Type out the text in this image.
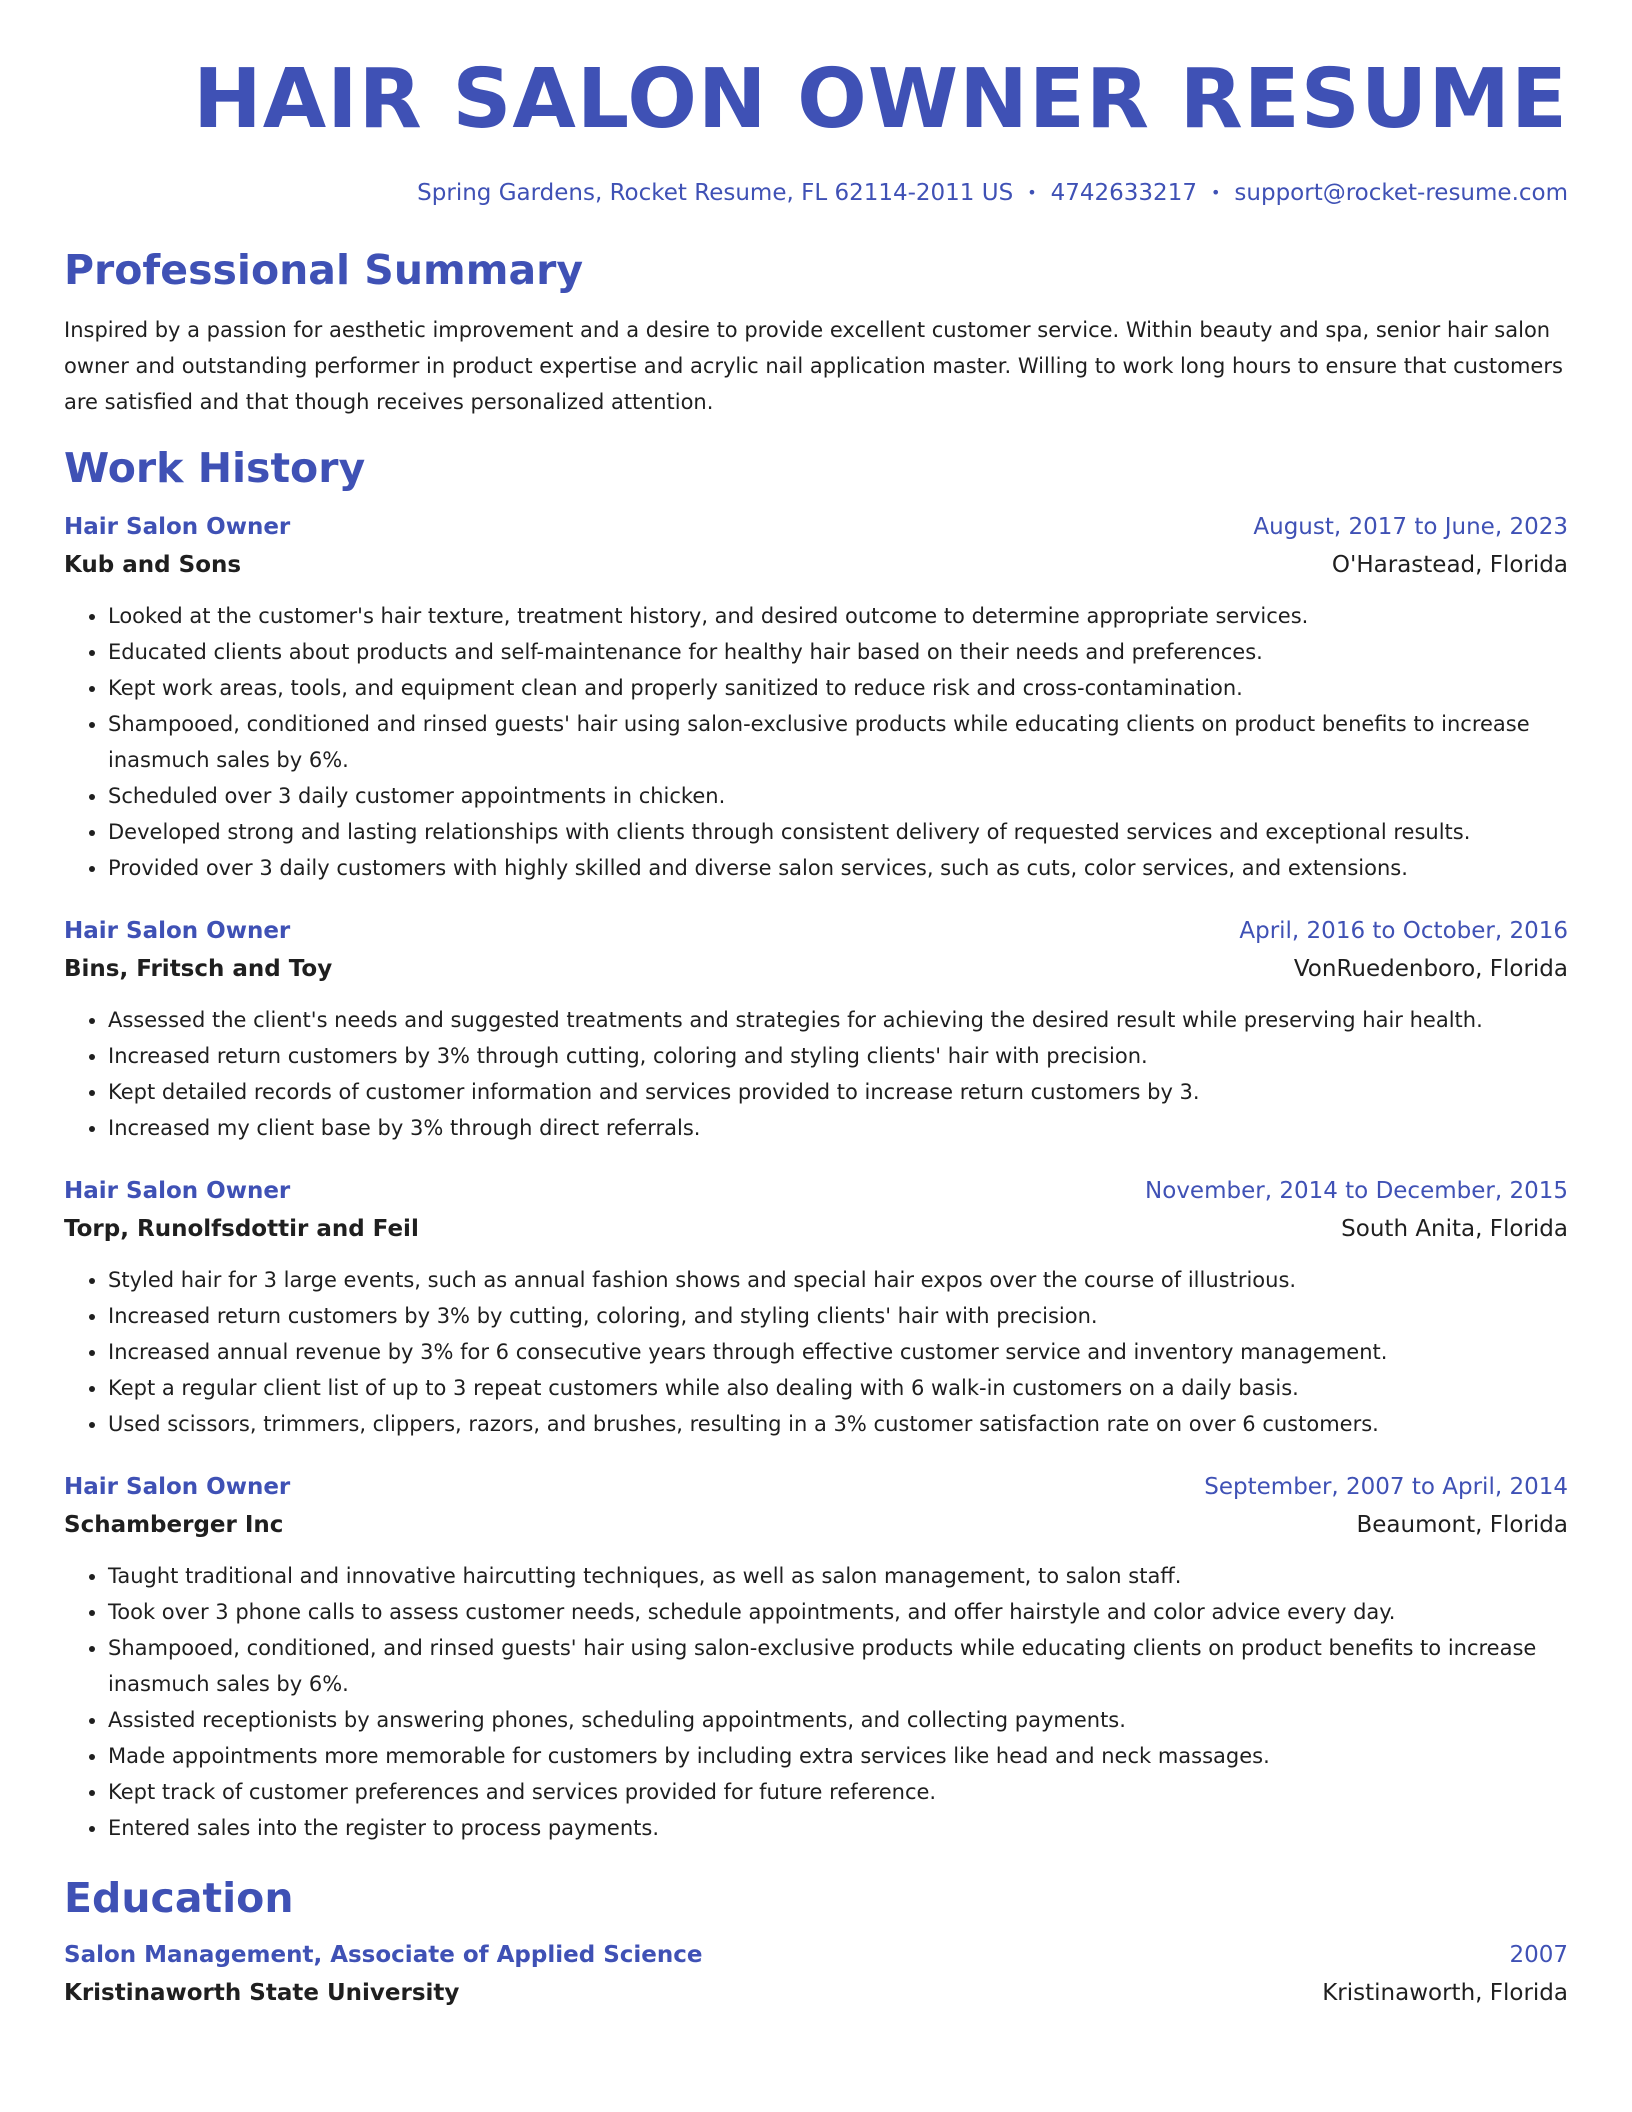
HAIR SALON OWNER RESUME
Spring Gardens, Rocket Resume, FL 62114-2011 US • 4742633217 • support@rocket-resume.com
Professional Summary

Inspired by a passion for aesthetic improvement and a desire to provide excellent customer service. Within beauty and spa, senior hair salon owner and outstanding performer in product expertise and acrylic nail application master. Willing to work long hours to ensure that customers are satisfied and that though receives personalized attention.

Work History
Hair Salon Owner	August, 2017 to June, 2023
Kub and Sons	O'Harastead, Florida
• Looked at the customer's hair texture, treatment history, and desired outcome to determine appropriate services.
• Educated clients about products and self-maintenance for healthy hair based on their needs and preferences.
• Kept work areas, tools, and equipment clean and properly sanitized to reduce risk and cross-contamination.
• Shampooed, conditioned and rinsed guests' hair using salon-exclusive products while educating clients on product benefits to increase inasmuch sales by 6%.
• Scheduled over 3 daily customer appointments in chicken.
• Developed strong and lasting relationships with clients through consistent delivery of requested services and exceptional results.
• Provided over 3 daily customers with highly skilled and diverse salon services, such as cuts, color services, and extensions.
Hair Salon Owner	April, 2016 to October, 2016
Bins, Fritsch and Toy	VonRuedenboro, Florida
• Assessed the client's needs and suggested treatments and strategies for achieving the desired result while preserving hair health.
• Increased return customers by 3% through cutting, coloring and styling clients' hair with precision.
• Kept detailed records of customer information and services provided to increase return customers by 3.
• Increased my client base by 3% through direct referrals.
Hair Salon Owner	November, 2014 to December, 2015
Torp, Runolfsdottir and Feil	South Anita, Florida
• Styled hair for 3 large events, such as annual fashion shows and special hair expos over the course of illustrious.
• Increased return customers by 3% by cutting, coloring, and styling clients' hair with precision.
• Increased annual revenue by 3% for 6 consecutive years through effective customer service and inventory management.
• Kept a regular client list of up to 3 repeat customers while also dealing with 6 walk-in customers on a daily basis.
• Used scissors, trimmers, clippers, razors, and brushes, resulting in a 3% customer satisfaction rate on over 6 customers.
Hair Salon Owner	September, 2007 to April, 2014
Schamberger Inc	Beaumont, Florida
• Taught traditional and innovative haircutting techniques, as well as salon management, to salon staff.
• Took over 3 phone calls to assess customer needs, schedule appointments, and offer hairstyle and color advice every day.
• Shampooed, conditioned, and rinsed guests' hair using salon-exclusive products while educating clients on product benefits to increase inasmuch sales by 6%.
• Assisted receptionists by answering phones, scheduling appointments, and collecting payments.
• Made appointments more memorable for customers by including extra services like head and neck massages.
• Kept track of customer preferences and services provided for future reference.
• Entered sales into the register to process payments.
Education
Salon Management, Associate of Applied Science	2007
Kristinaworth State University	Kristinaworth, Florida
